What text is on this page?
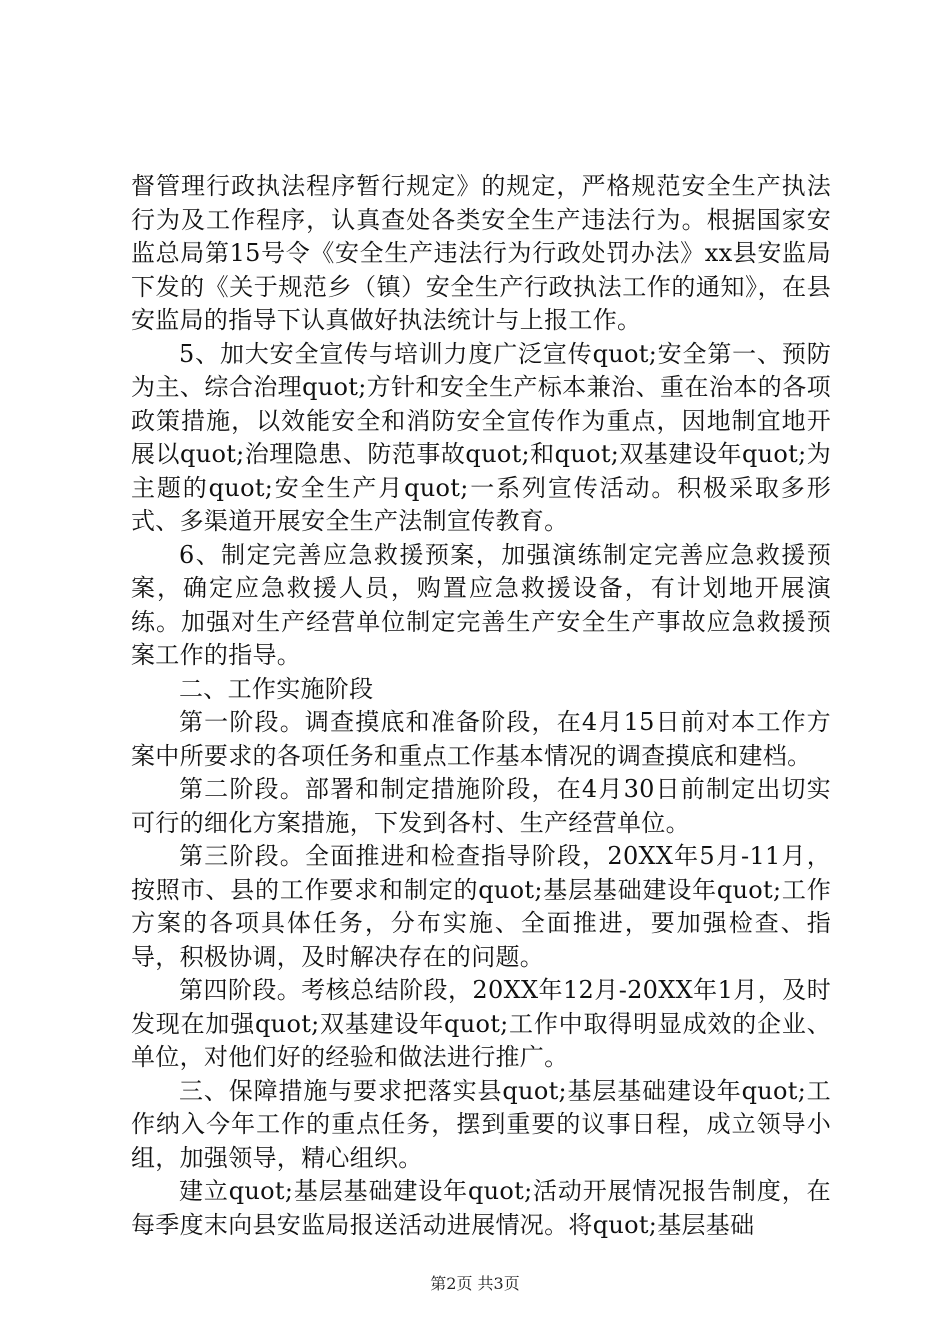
督管理行政执法程序暂行规定》的规定，严格规范安全生产执法行为及工作程序，认真查处各类安全生产违法行为。根据国家安监总局第15号令《安全生产违法行为行政处罚办法》xx县安监局下发的《关于规范乡（镇）安全生产行政执法工作的通知》，在县安监局的指导下认真做好执法统计与上报工作。

5、加大安全宣传与培训力度广泛宣传quot;安全第一、预防为主、综合治理quot;方针和安全生产标本兼治、重在治本的各项政策措施，以效能安全和消防安全宣传作为重点，因地制宜地开展以quot;治理隐患、防范事故quot;和quot;双基建设年quot;为主题的quot;安全生产月quot;一系列宣传活动。积极采取多形式、多渠道开展安全生产法制宣传教育。

6、制定完善应急救援预案，加强演练制定完善应急救援预案，确定应急救援人员，购置应急救援设备，有计划地开展演练。加强对生产经营单位制定完善生产安全生产事故应急救援预案工作的指导。

二、工作实施阶段

第一阶段。调查摸底和准备阶段，在4月15日前对本工作方案中所要求的各项任务和重点工作基本情况的调查摸底和建档。

第二阶段。部署和制定措施阶段，在4月30日前制定出切实可行的细化方案措施，下发到各村、生产经营单位。

第三阶段。全面推进和检查指导阶段，20XX年5月-11月，按照市、县的工作要求和制定的quot;基层基础建设年quot;工作方案的各项具体任务，分布实施、全面推进，要加强检查、指导，积极协调，及时解决存在的问题。

第四阶段。考核总结阶段，20XX年12月-20XX年1月，及时发现在加强quot;双基建设年quot;工作中取得明显成效的企业、单位，对他们好的经验和做法进行推广。

三、保障措施与要求把落实县quot;基层基础建设年quot;工作纳入今年工作的重点任务，摆到重要的议事日程，成立领导小组，加强领导，精心组织。

建立quot;基层基础建设年quot;活动开展情况报告制度，在每季度末向县安监局报送活动进展情况。将quot;基层基础

第2页 共3页
